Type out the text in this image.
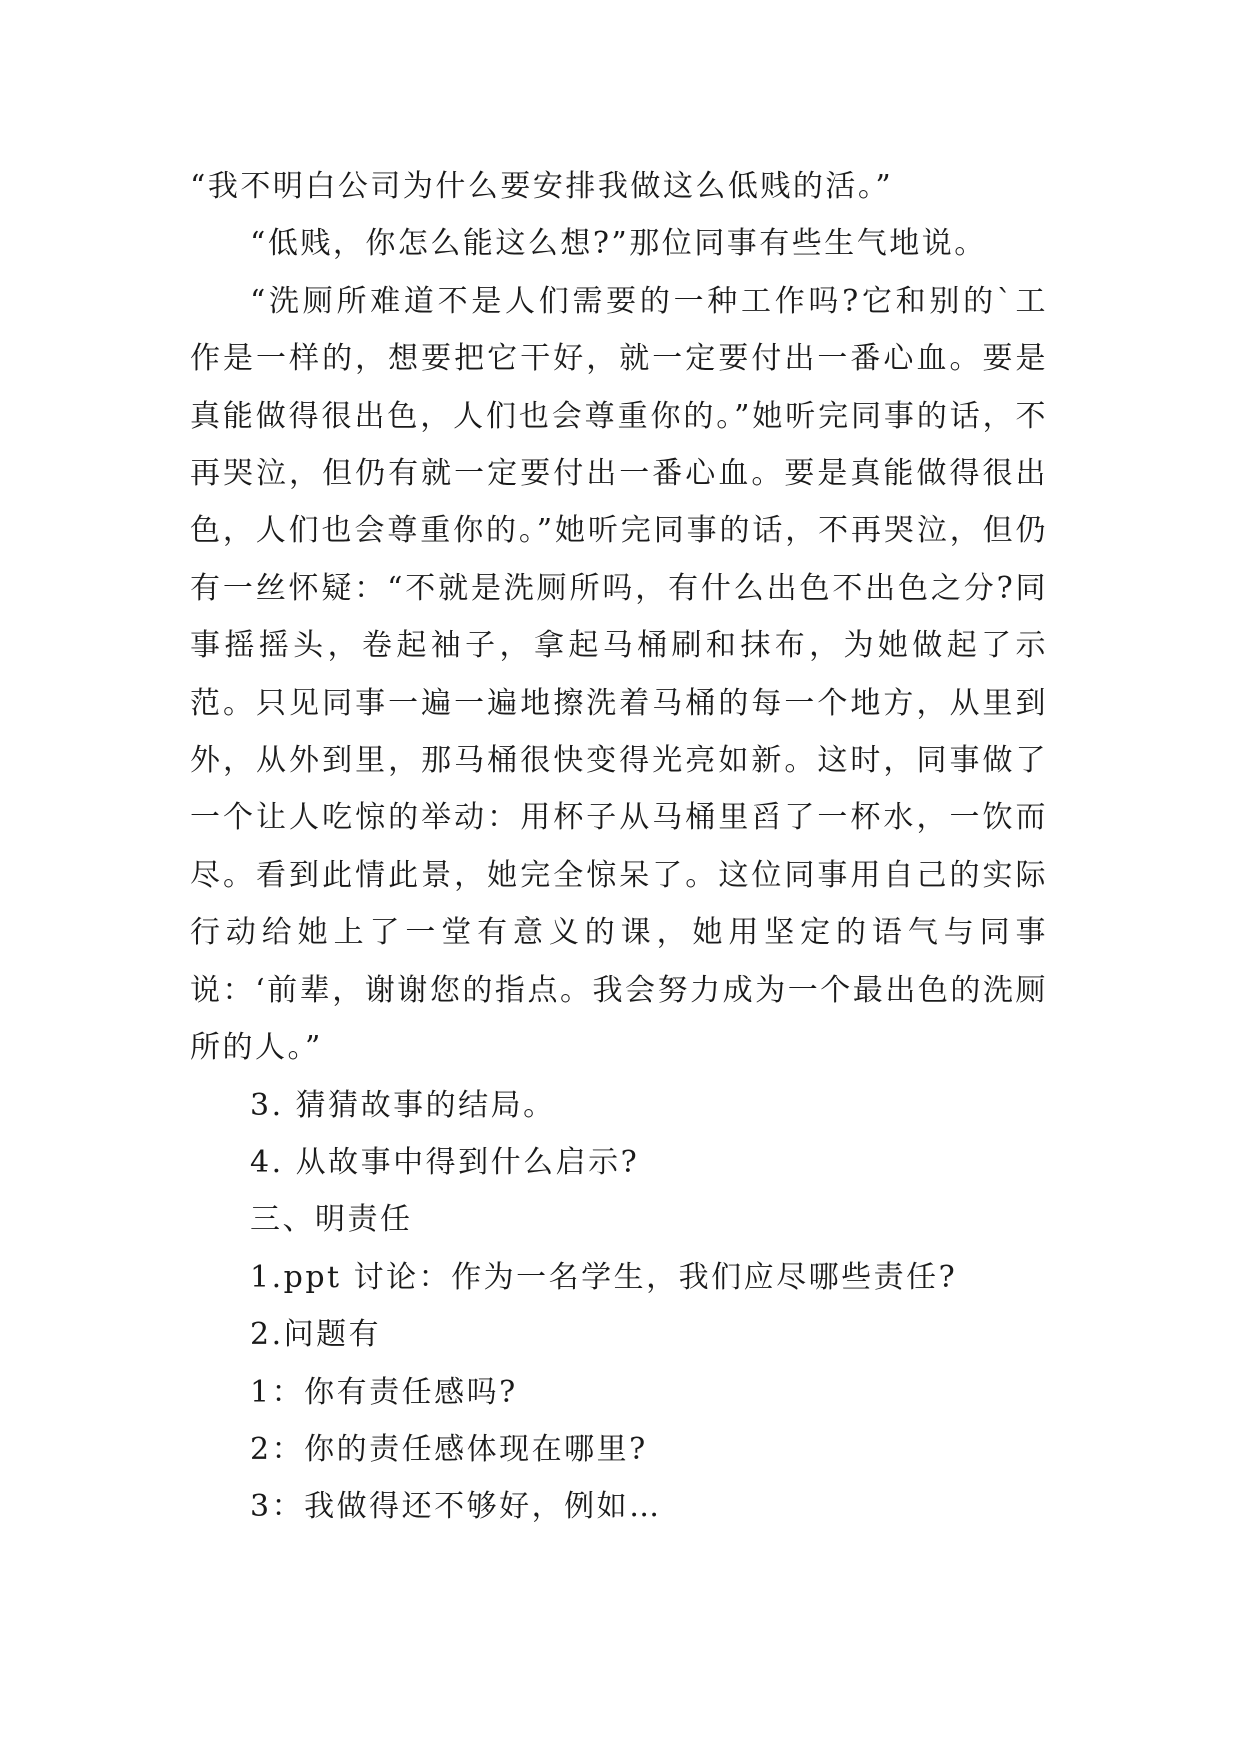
“我不明白公司为什么要安排我做这么低贱的活。”

“低贱，你怎么能这么想?”那位同事有些生气地说。

“洗厕所难道不是人们需要的一种工作吗?它和别的`工作是一样的，想要把它干好，就一定要付出一番心血。要是真能做得很出色，人们也会尊重你的。”她听完同事的话，不再哭泣，但仍有就一定要付出一番心血。要是真能做得很出色，人们也会尊重你的。”她听完同事的话，不再哭泣，但仍有一丝怀疑：“不就是洗厕所吗，有什么出色不出色之分?同事摇摇头，卷起袖子，拿起马桶刷和抹布，为她做起了示范。只见同事一遍一遍地擦洗着马桶的每一个地方，从里到外，从外到里，那马桶很快变得光亮如新。这时，同事做了一个让人吃惊的举动：用杯子从马桶里舀了一杯水，一饮而尽。看到此情此景，她完全惊呆了。这位同事用自己的实际行动给她上了一堂有意义的课，她用坚定的语气与同事说：‘前辈，谢谢您的指点。我会努力成为一个最出色的洗厕所的人。”

3. 猜猜故事的结局。

4. 从故事中得到什么启示?

三、明责任

1.ppt 讨论：作为一名学生，我们应尽哪些责任?

2.问题有

1：你有责任感吗?

2：你的责任感体现在哪里?

3：我做得还不够好，例如…
